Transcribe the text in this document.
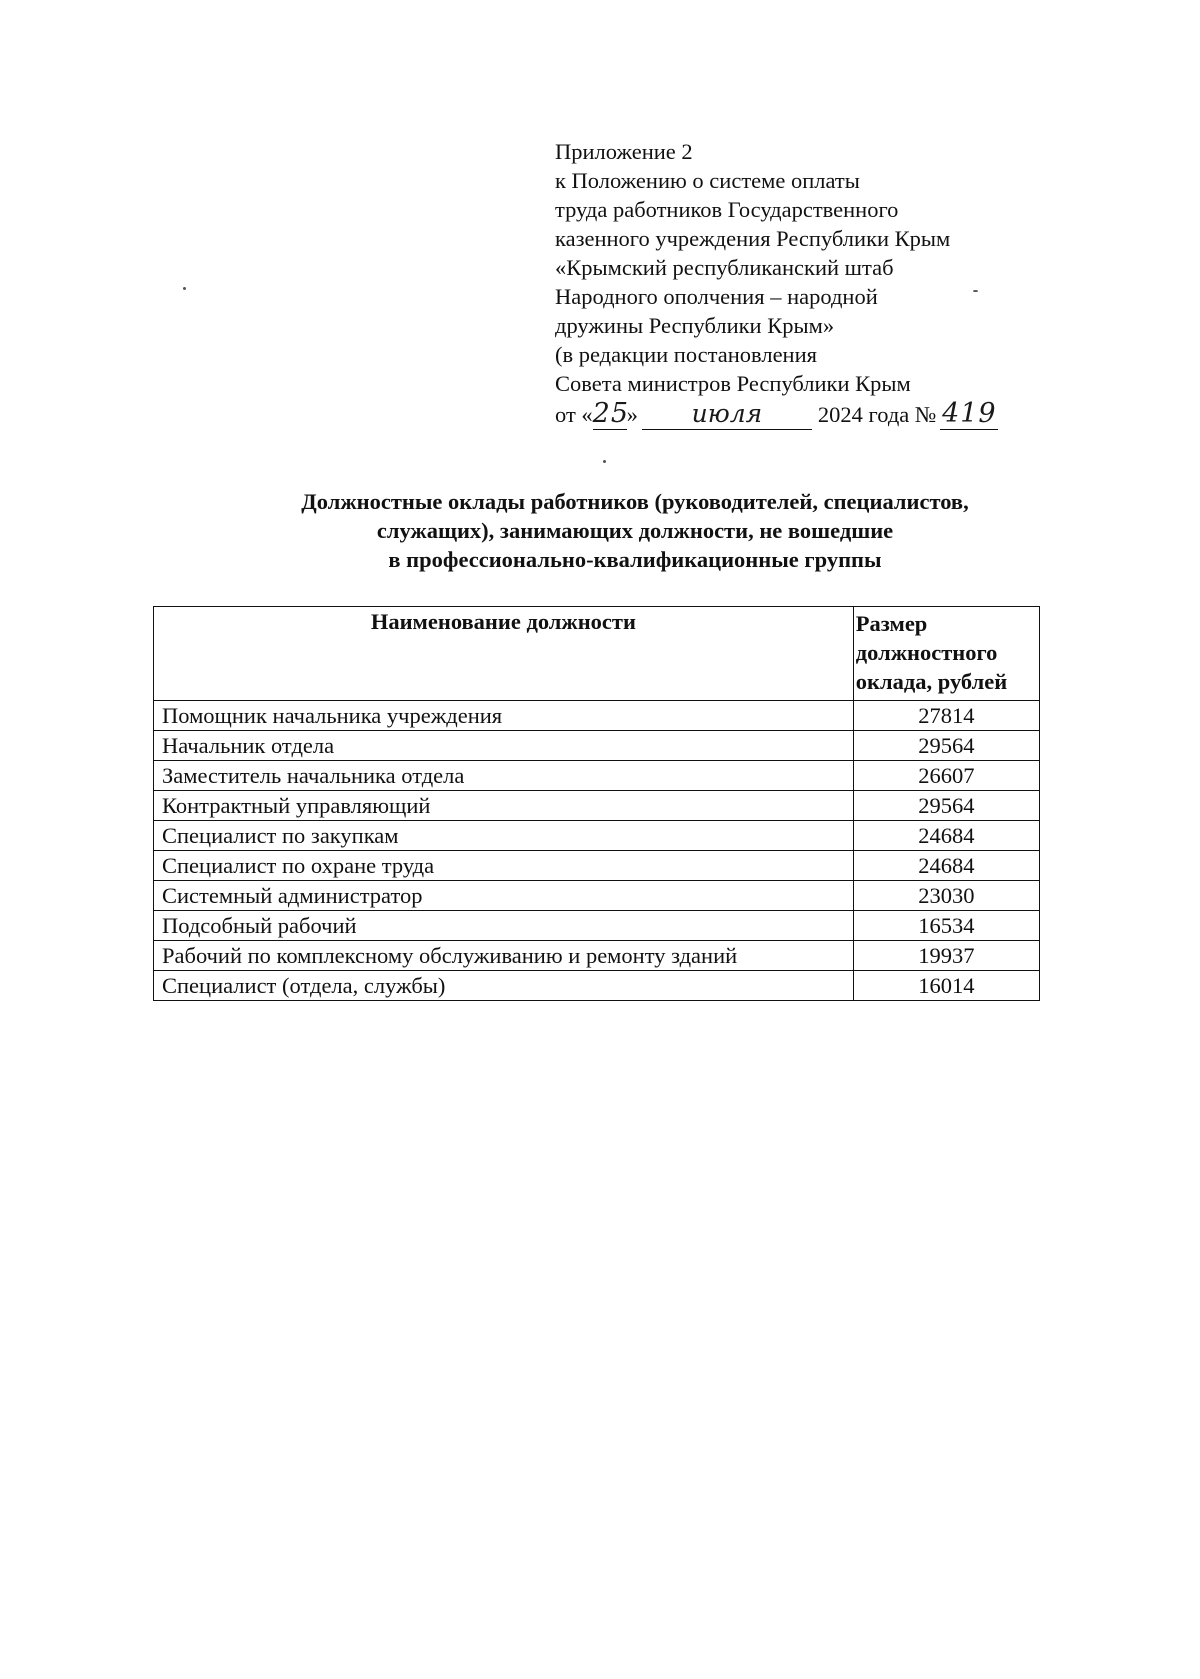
Приложение 2
к Положению о системе оплаты
труда работников Государственного
казенного учреждения Республики Крым
«Крымский республиканский штаб
Народного ополчения – народной
дружины Республики Крым»
(в редакции постановления
Совета министров Республики Крым
от «25» июля 2024 года № 419
Должностные оклады работников (руководителей, специалистов,
служащих), занимающих должности, не вошедшие
в профессионально-квалификационные группы
Наименование должности	Размер
должностного
оклада, рублей

Помощник начальника учреждения	27814
Начальник отдела	29564
Заместитель начальника отдела	26607
Контрактный управляющий	29564
Специалист по закупкам	24684
Специалист по охране труда	24684
Системный администратор	23030
Подсобный рабочий	16534
Рабочий по комплексному обслуживанию и ремонту зданий	19937
Специалист (отдела, службы)	16014
